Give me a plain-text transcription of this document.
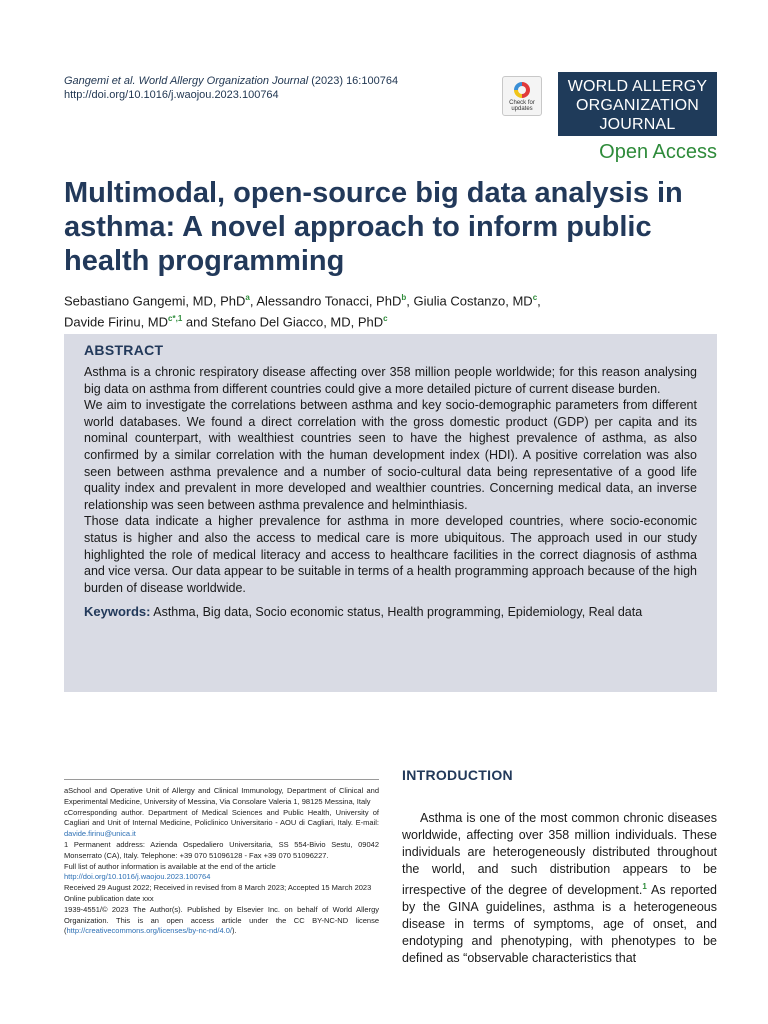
Gangemi et al. World Allergy Organization Journal (2023) 16:100764
http://doi.org/10.1016/j.waojou.2023.100764
Check for updates
WORLD ALLERGY
ORGANIZATION
JOURNAL
Open Access
Multimodal, open-source big data analysis in asthma: A novel approach to inform public health programming
Sebastiano Gangemi, MD, PhD$^a$, Alessandro Tonacci, PhD$^b$, Giulia Costanzo, $MD^c$,
Davide Firinu, $MD^{c*,1}$ and Stefano Del Giacco, MD, PhD$^c$
ABSTRACT

Asthma is a chronic respiratory disease affecting over 358 million people worldwide; for this reason analysing big data on asthma from different countries could give a more detailed picture of current disease burden.

We aim to investigate the correlations between asthma and key socio-demographic parameters from different world databases. We found a direct correlation with the gross domestic product (GDP) per capita and its nominal counterpart, with wealthiest countries seen to have the highest prevalence of asthma, as also confirmed by a similar correlation with the human development index (HDI). A positive correlation was also seen between asthma prevalence and a number of socio-cultural data being representative of a good life quality index and prevalent in more developed and wealthier countries. Concerning medical data, an inverse relationship was seen between asthma prevalence and helminthiasis.

Those data indicate a higher prevalence for asthma in more developed countries, where socio-economic status is higher and also the access to medical care is more ubiquitous. The approach used in our study highlighted the role of medical literacy and access to healthcare facilities in the correct diagnosis of asthma and vice versa. Our data appear to be suitable in terms of a health programming approach because of the high burden of disease worldwide.

Keywords: Asthma, Big data, Socio economic status, Health programming, Epidemiology, Real data

aSchool and Operative Unit of Allergy and Clinical Immunology, Department of Clinical and Experimental Medicine, University of Messina, Via Consolare Valeria 1, 98125 Messina, Italy

cCorresponding author. Department of Medical Sciences and Public Health, University of Cagliari and Unit of Internal Medicine, Policlinico Universitario - AOU di Cagliari, Italy. E-mail: davide.firinu@unica.it

1 Permanent address: Azienda Ospedaliero Universitaria, SS 554-Bivio Sestu, 09042 Monserrato (CA), Italy. Telephone: +39 070 51096128 - Fax +39 070 51096227.

Full list of author information is available at the end of the article

http://doi.org/10.1016/j.waojou.2023.100764

Received 29 August 2022; Received in revised from 8 March 2023; Accepted 15 March 2023

Online publication date xxx

1939-4551/© 2023 The Author(s). Published by Elsevier Inc. on behalf of World Allergy Organization. This is an open access article under the CC BY-NC-ND license (http://creativecommons.org/licenses/by-nc-nd/4.0/).

INTRODUCTION

Asthma is one of the most common chronic diseases worldwide, affecting over 358 million individuals. These individuals are heterogeneously distributed throughout the world, and such distribution appears to be irrespective of the degree of development.$^1$ As reported by the GINA guidelines, asthma is a heterogeneous disease in terms of symptoms, age of onset, and endotyping and phenotyping, with phenotypes to be defined as “observable characteristics that
